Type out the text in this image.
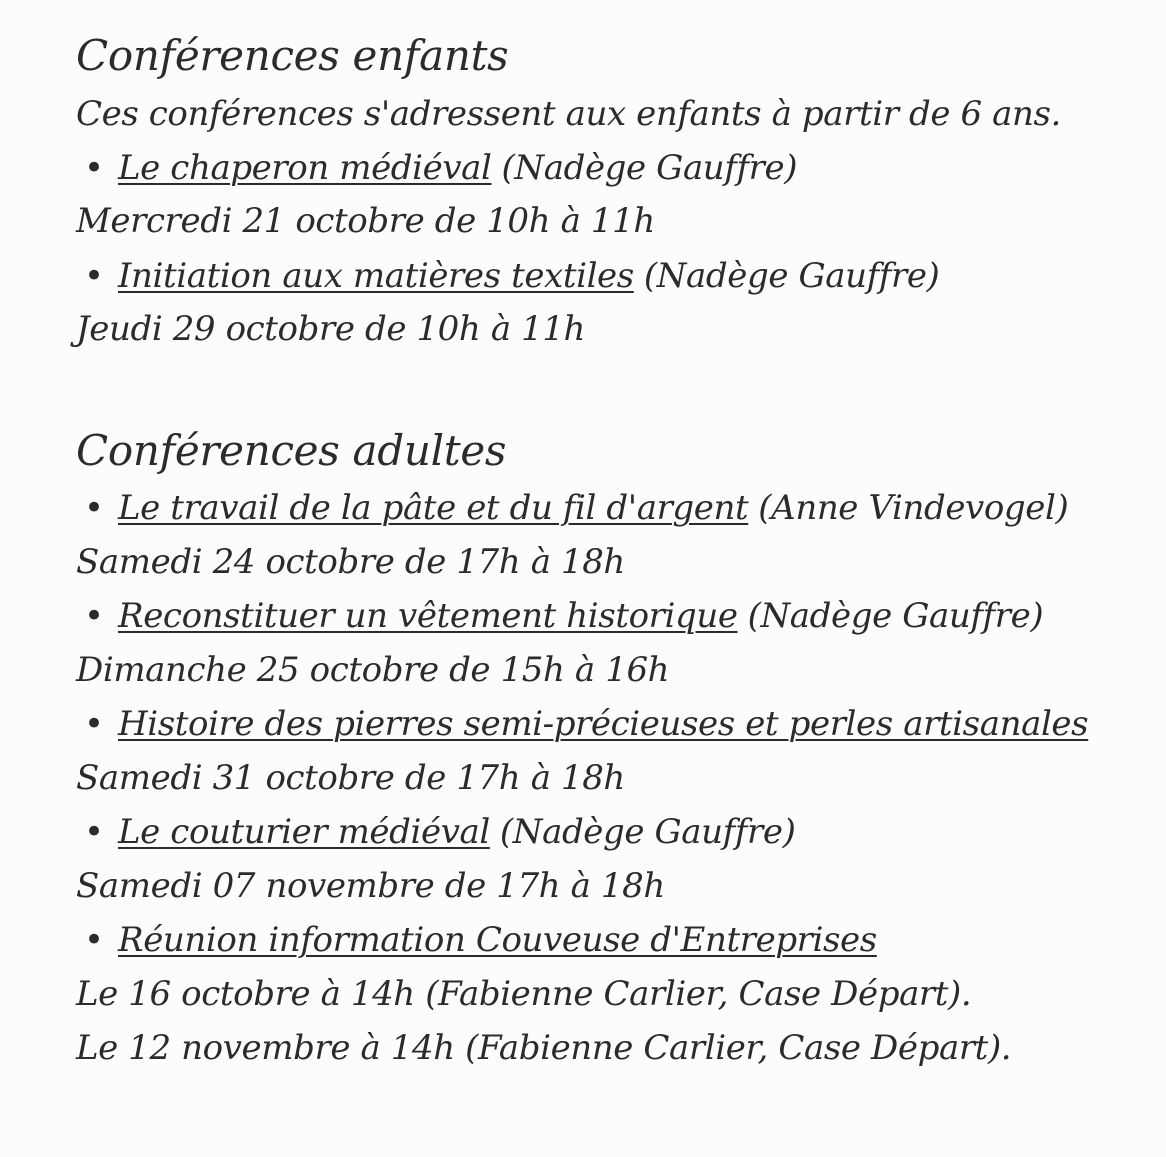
Conférences enfants
Ces conférences s'adressent aux enfants à partir de 6 ans.
• Le chaperon médiéval (Nadège Gauffre)
Mercredi 21 octobre de 10h à 11h
• Initiation aux matières textiles (Nadège Gauffre)
Jeudi 29 octobre de 10h à 11h
Conférences adultes
• Le travail de la pâte et du fil d'argent (Anne Vindevogel)
Samedi 24 octobre de 17h à 18h
• Reconstituer un vêtement historique (Nadège Gauffre)
Dimanche 25 octobre de 15h à 16h
• Histoire des pierres semi-précieuses et perles artisanales
Samedi 31 octobre de 17h à 18h
• Le couturier médiéval (Nadège Gauffre)
Samedi 07 novembre de 17h à 18h
• Réunion information Couveuse d'Entreprises
Le 16 octobre à 14h (Fabienne Carlier, Case Départ).
Le 12 novembre à 14h (Fabienne Carlier, Case Départ).
